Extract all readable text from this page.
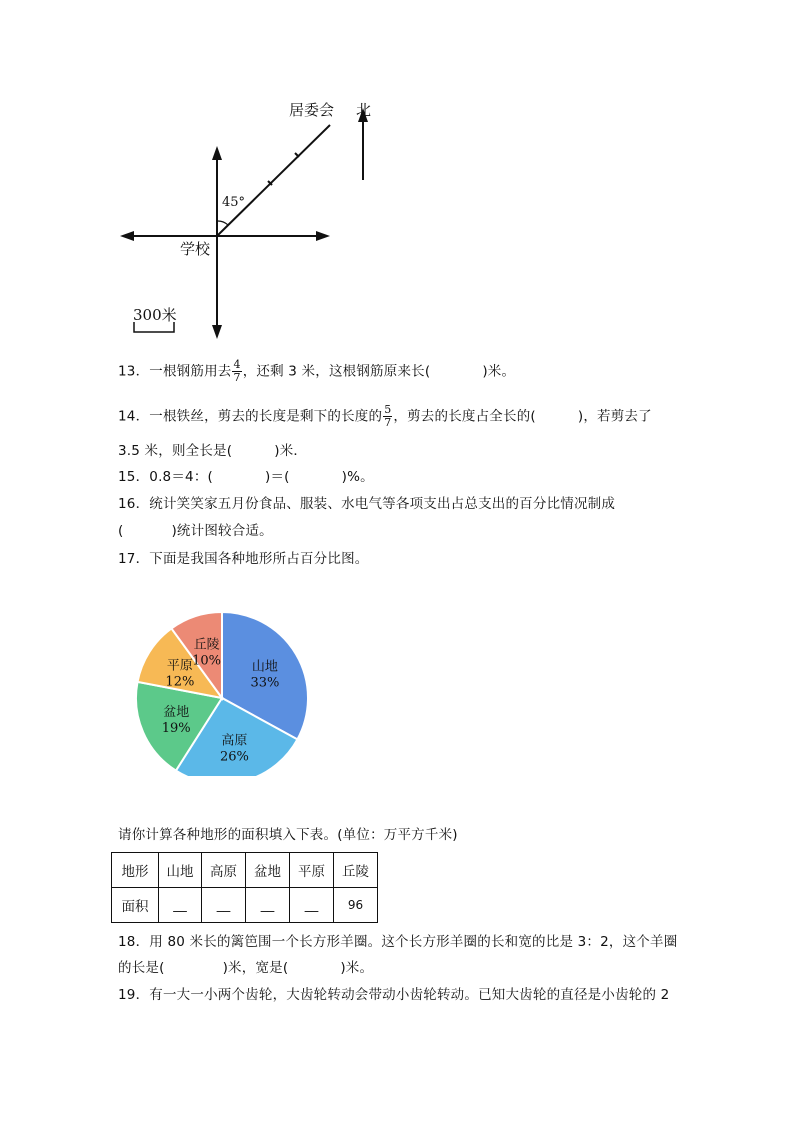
居委会 北
45°
学校
300米
13．一根钢筋用去 $\frac{4}{7}$ ，还剩 3 米，这根钢筋原来长(	)米。
14．一根铁丝，剪去的长度是剩下的长度的 $\frac{5}{7}$ ，剪去的长度占全长的(	)，若剪去了
3.5 米，则全长是(	)米．
15．0.8＝4：(	)＝(	)%。
16．统计笑笑家五月份食品、服装、水电气等各项支出占总支出的百分比情况制成
(	)统计图较合适。
17．下面是我国各种地形所占百分比图。
山地
33%
高原
26%
盆地
19%
平原
12%
丘陵
10%
请你计算各种地形的面积填入下表。(单位：万平方千米)
地形	山地	高原	盆地	平原	丘陵
面积	__	__	__	__	96
18．用 80 米长的篱笆围一个长方形羊圈。这个长方形羊圈的长和宽的比是 3：2，这个羊圈
的长是(	)米，宽是(	)米。
19．有一大一小两个齿轮，大齿轮转动会带动小齿轮转动。已知大齿轮的直径是小齿轮的 2
